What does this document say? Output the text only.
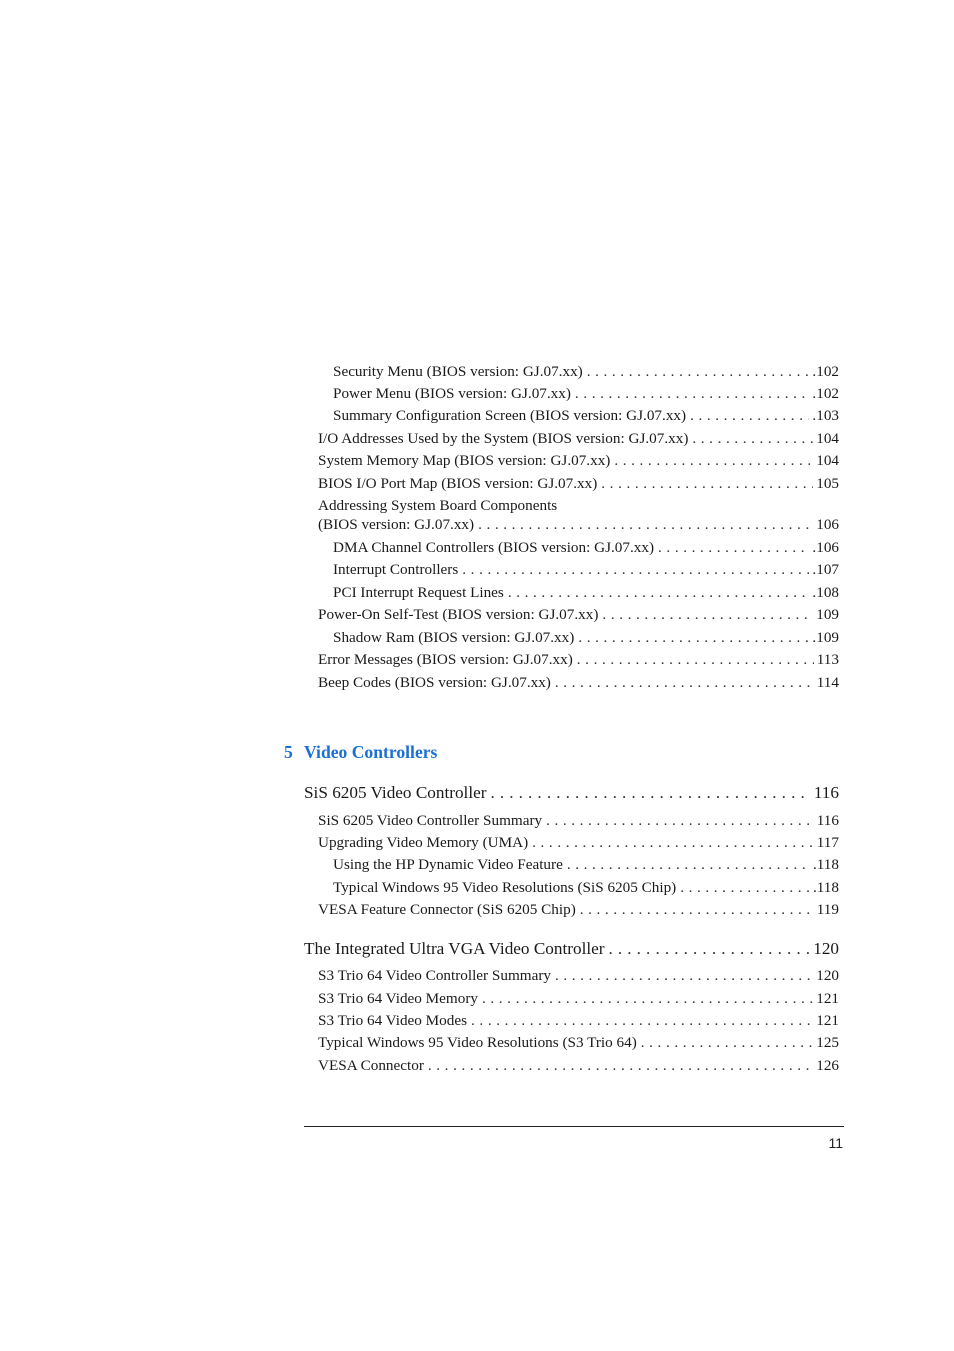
Security Menu (BIOS version: GJ.07.xx) . . .	.102
Power Menu (BIOS version: GJ.07.xx) . . .	.102
Summary Configuration Screen (BIOS version: GJ.07.xx) . . .	.103
I/O Addresses Used by the System (BIOS version: GJ.07.xx) . . .	104
System Memory Map (BIOS version: GJ.07.xx) . . .	104
BIOS I/O Port Map (BIOS version: GJ.07.xx) . . .	105
Addressing System Board Components
(BIOS version: GJ.07.xx) . . .	106
DMA Channel Controllers (BIOS version: GJ.07.xx) . . .	.106
Interrupt Controllers . . .	.107
PCI Interrupt Request Lines . . .	.108
Power-On Self-Test (BIOS version: GJ.07.xx) . . .	109
Shadow Ram (BIOS version: GJ.07.xx) . . .	.109
Error Messages (BIOS version: GJ.07.xx) . . .	113
Beep Codes (BIOS version: GJ.07.xx) . . .	114
5 Video Controllers
SiS 6205 Video Controller . . .	116
SiS 6205 Video Controller Summary . . .	116
Upgrading Video Memory (UMA) . . .	117
Using the HP Dynamic Video Feature . . .	.118
Typical Windows 95 Video Resolutions (SiS 6205 Chip) . . .	.118
VESA Feature Connector (SiS 6205 Chip) . . .	119
The Integrated Ultra VGA Video Controller . . .	120
S3 Trio 64 Video Controller Summary . . .	120
S3 Trio 64 Video Memory . . .	121
S3 Trio 64 Video Modes . . .	121
Typical Windows 95 Video Resolutions (S3 Trio 64) . . .	125
VESA Connector . . .	126
11
